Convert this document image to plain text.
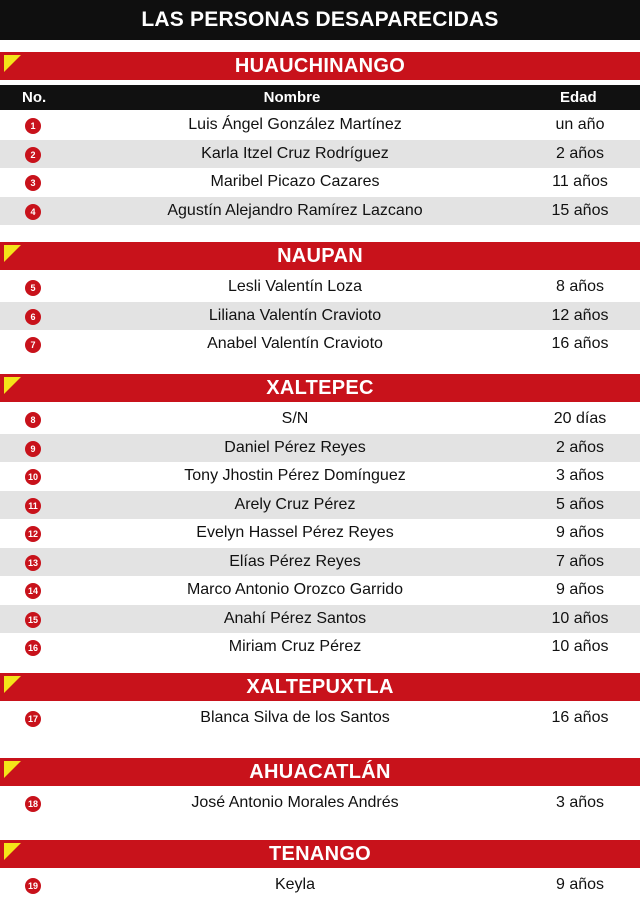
LAS PERSONAS DESAPARECIDAS
HUAUCHINANGO
No.	Nombre	Edad
1	Luis Ángel González Martínez	un año
2	Karla Itzel Cruz Rodríguez	2 años
3	Maribel Picazo Cazares	11 años
4	Agustín Alejandro Ramírez Lazcano	15 años
NAUPAN
5	Lesli Valentín Loza	8 años
6	Liliana Valentín Cravioto	12 años
7	Anabel Valentín Cravioto	16 años
XALTEPEC
8	S/N	20 días
9	Daniel Pérez Reyes	2 años
10	Tony Jhostin Pérez Domínguez	3 años
11	Arely Cruz Pérez	5 años
12	Evelyn Hassel Pérez Reyes	9 años
13	Elías Pérez Reyes	7 años
14	Marco Antonio Orozco Garrido	9 años
15	Anahí Pérez Santos	10 años
16	Miriam Cruz Pérez	10 años
XALTEPUXTLA
17	Blanca Silva de los Santos	16 años
AHUACATLÁN
18	José Antonio Morales Andrés	3 años
TENANGO
19	Keyla	9 años
